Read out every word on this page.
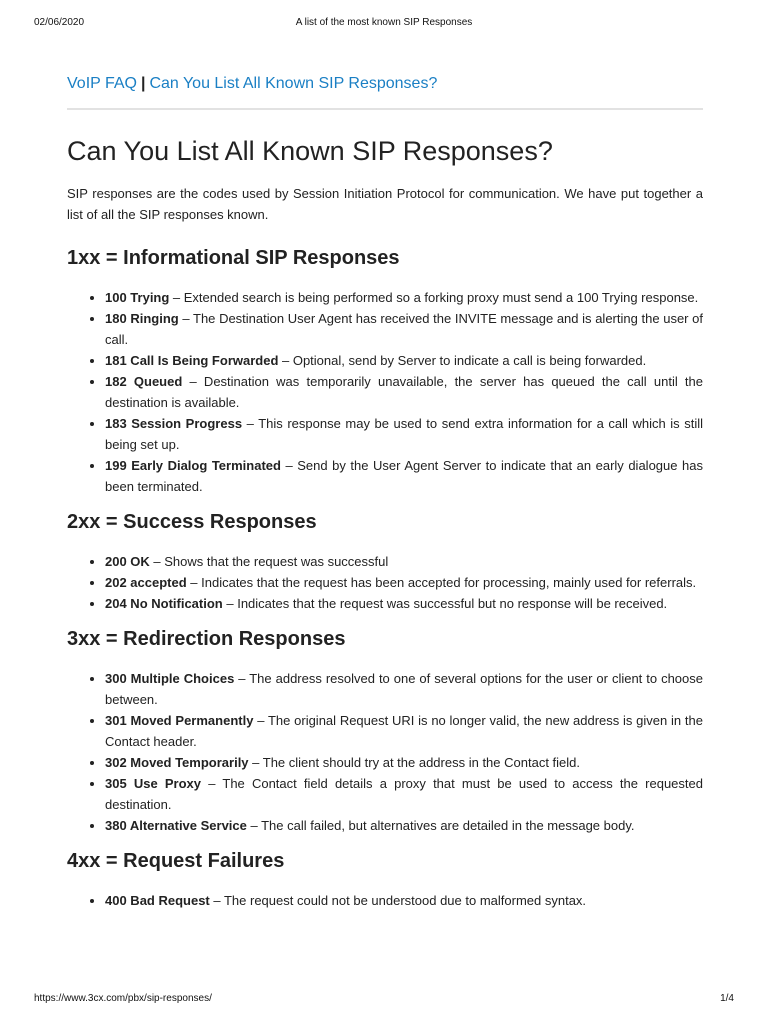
02/06/2020	A list of the most known SIP Responses
VoIP FAQ | Can You List All Known SIP Responses?
Can You List All Known SIP Responses?

SIP responses are the codes used by Session Initiation Protocol for communication. We have put together a list of all the SIP responses known.

1xx = Informational SIP Responses
• 100 Trying – Extended search is being performed so a forking proxy must send a 100 Trying response.
• 180 Ringing – The Destination User Agent has received the INVITE message and is alerting the user of call.
• 181 Call Is Being Forwarded – Optional, send by Server to indicate a call is being forwarded.
• 182 Queued – Destination was temporarily unavailable, the server has queued the call until the destination is available.
• 183 Session Progress – This response may be used to send extra information for a call which is still being set up.
• 199 Early Dialog Terminated – Send by the User Agent Server to indicate that an early dialogue has been terminated.
2xx = Success Responses
• 200 OK – Shows that the request was successful
• 202 accepted – Indicates that the request has been accepted for processing, mainly used for referrals.
• 204 No Notification – Indicates that the request was successful but no response will be received.
3xx = Redirection Responses
• 300 Multiple Choices – The address resolved to one of several options for the user or client to choose between.
• 301 Moved Permanently – The original Request URI is no longer valid, the new address is given in the Contact header.
• 302 Moved Temporarily – The client should try at the address in the Contact field.
• 305 Use Proxy – The Contact field details a proxy that must be used to access the requested destination.
• 380 Alternative Service – The call failed, but alternatives are detailed in the message body.
4xx = Request Failures
• 400 Bad Request – The request could not be understood due to malformed syntax.
https://www.3cx.com/pbx/sip-responses/	1/4
